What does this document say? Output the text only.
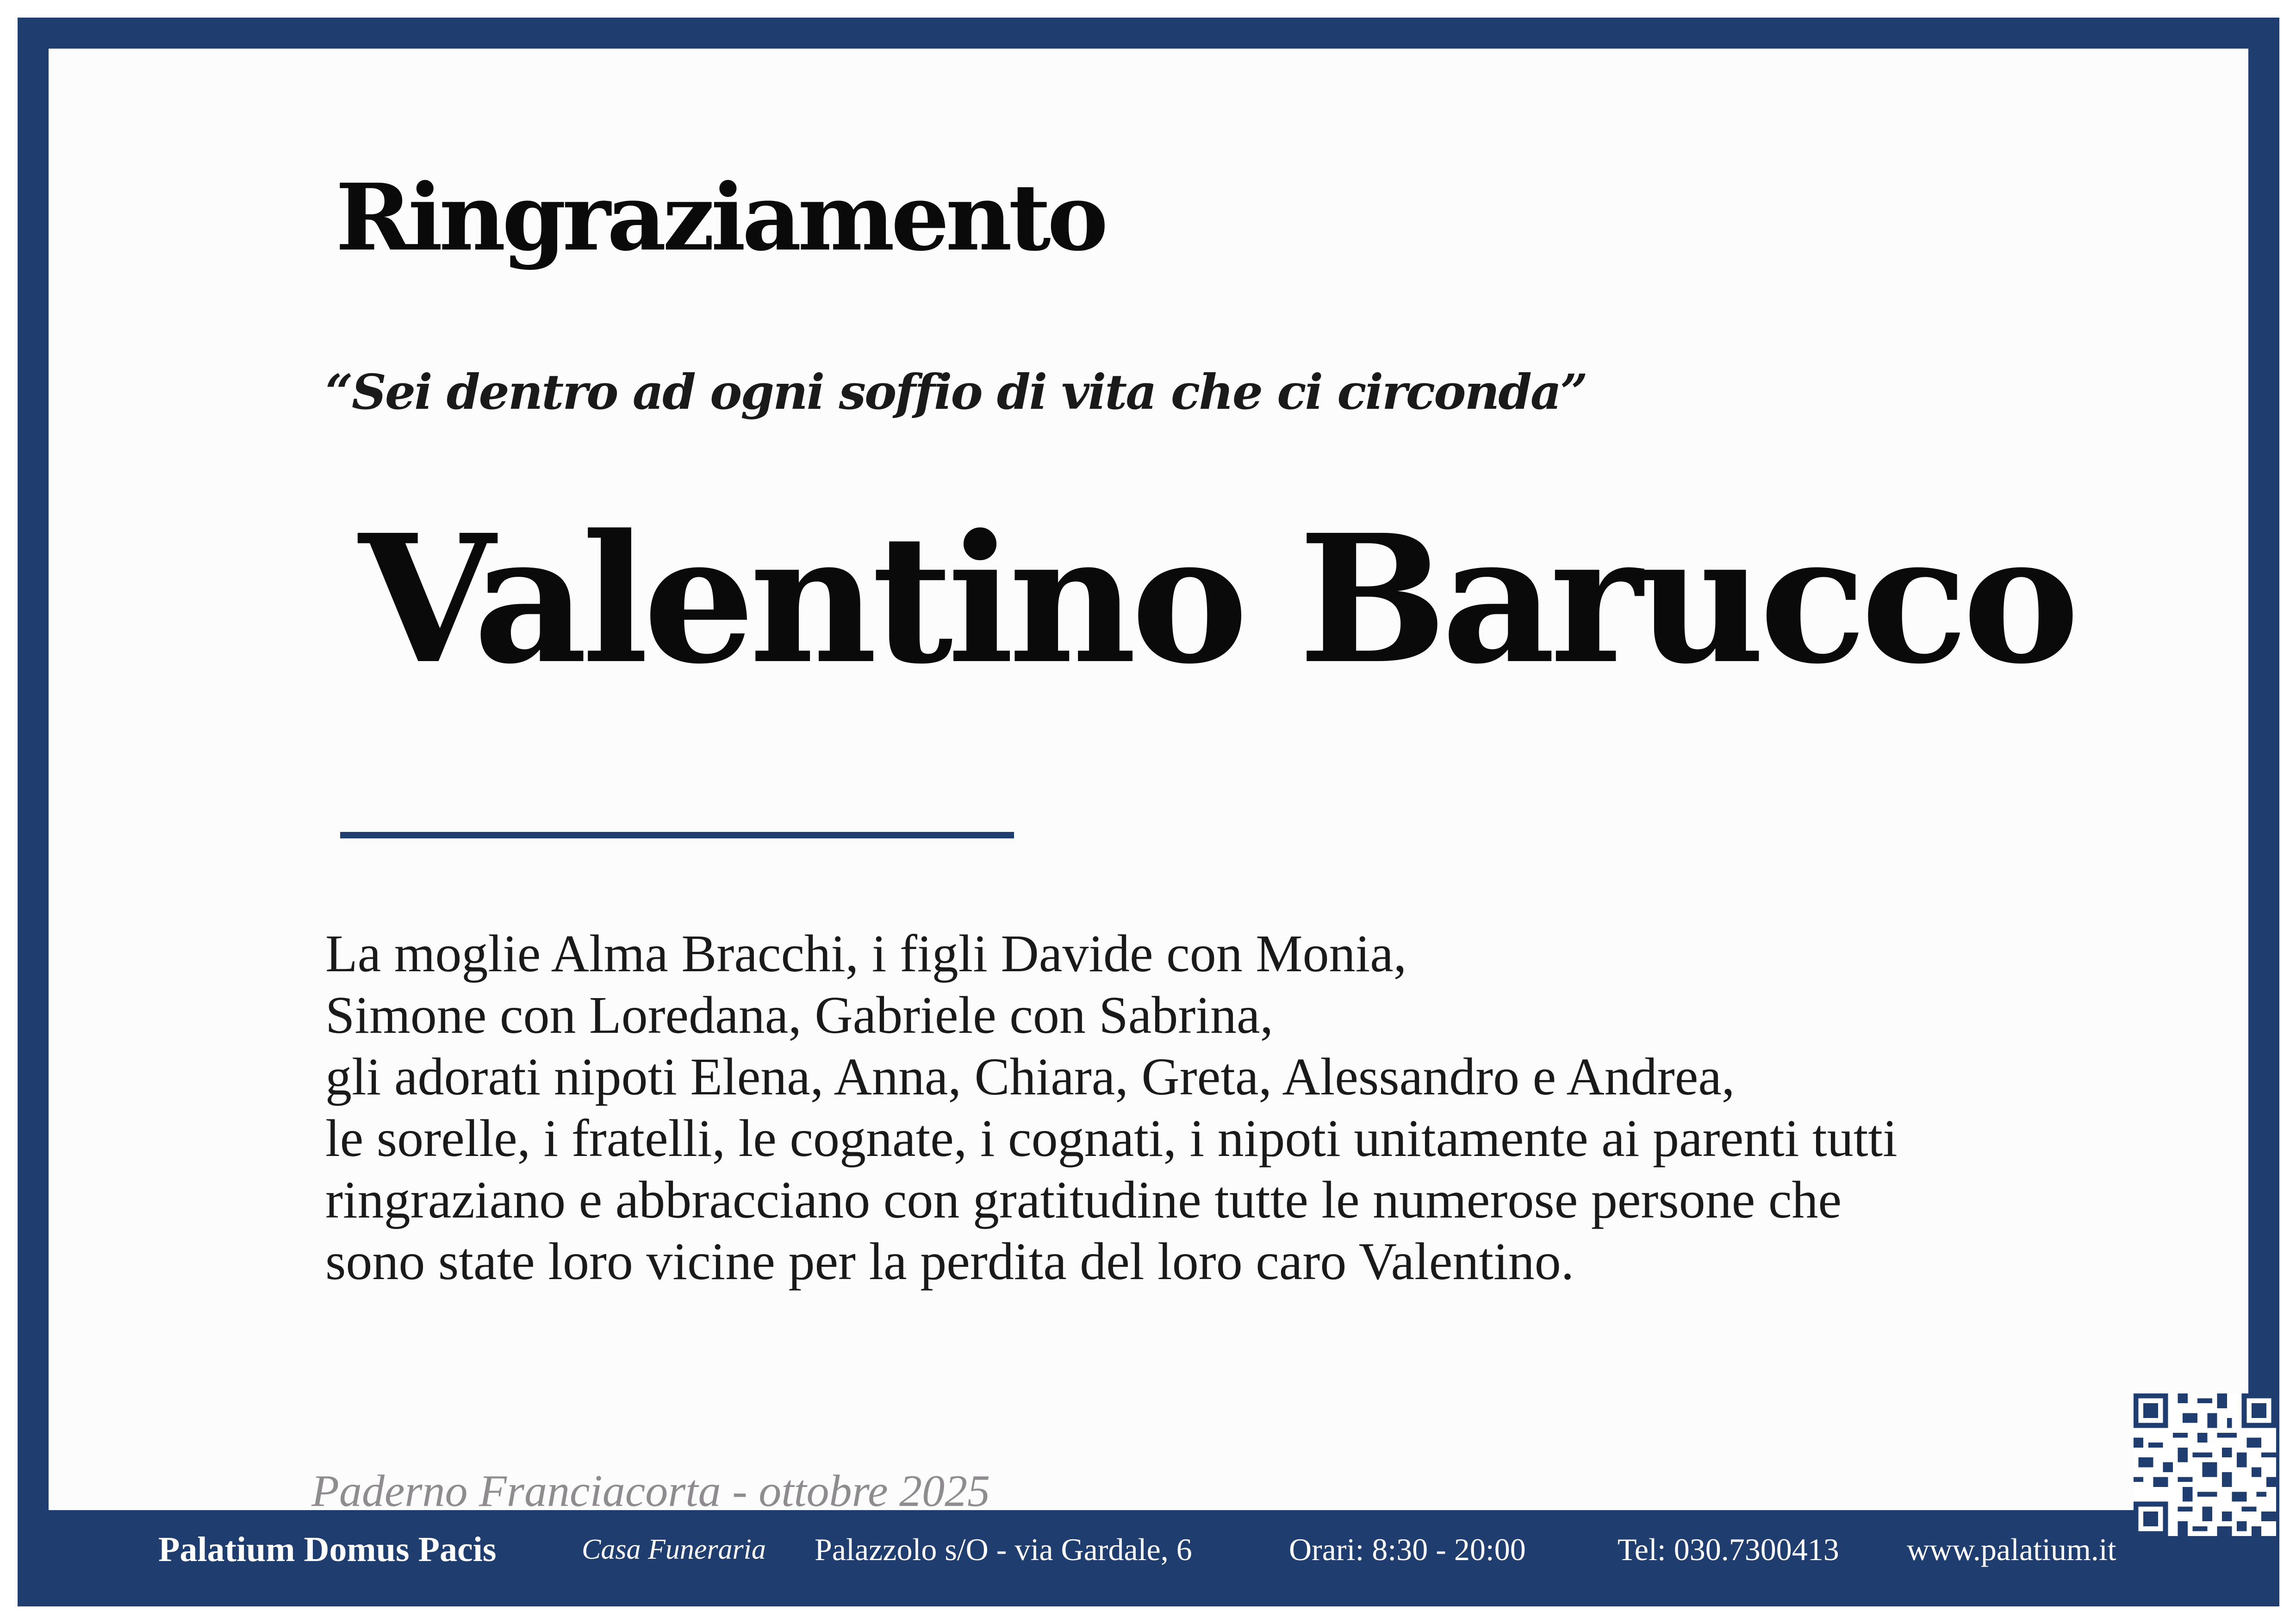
Ringraziamento

“Sei dentro ad ogni soffio di vita che ci circonda”

Valentino Barucco
La moglie Alma Bracchi, i figli Davide con Monia,
Simone con Loredana, Gabriele con Sabrina,
gli adorati nipoti Elena, Anna, Chiara, Greta, Alessandro e Andrea,
le sorelle, i fratelli, le cognate, i cognati, i nipoti unitamente ai parenti tutti
ringraziano e abbracciano con gratitudine tutte le numerose persone che
sono state loro vicine per la perdita del loro caro Valentino.

Paderno Franciacorta - ottobre 2025

Palatium Domus Pacis	Casa Funeraria Palazzolo s/O - via Gardale, 6	Orari: 8:30 - 20:00	Tel: 030.7300413 www.palatium.it
